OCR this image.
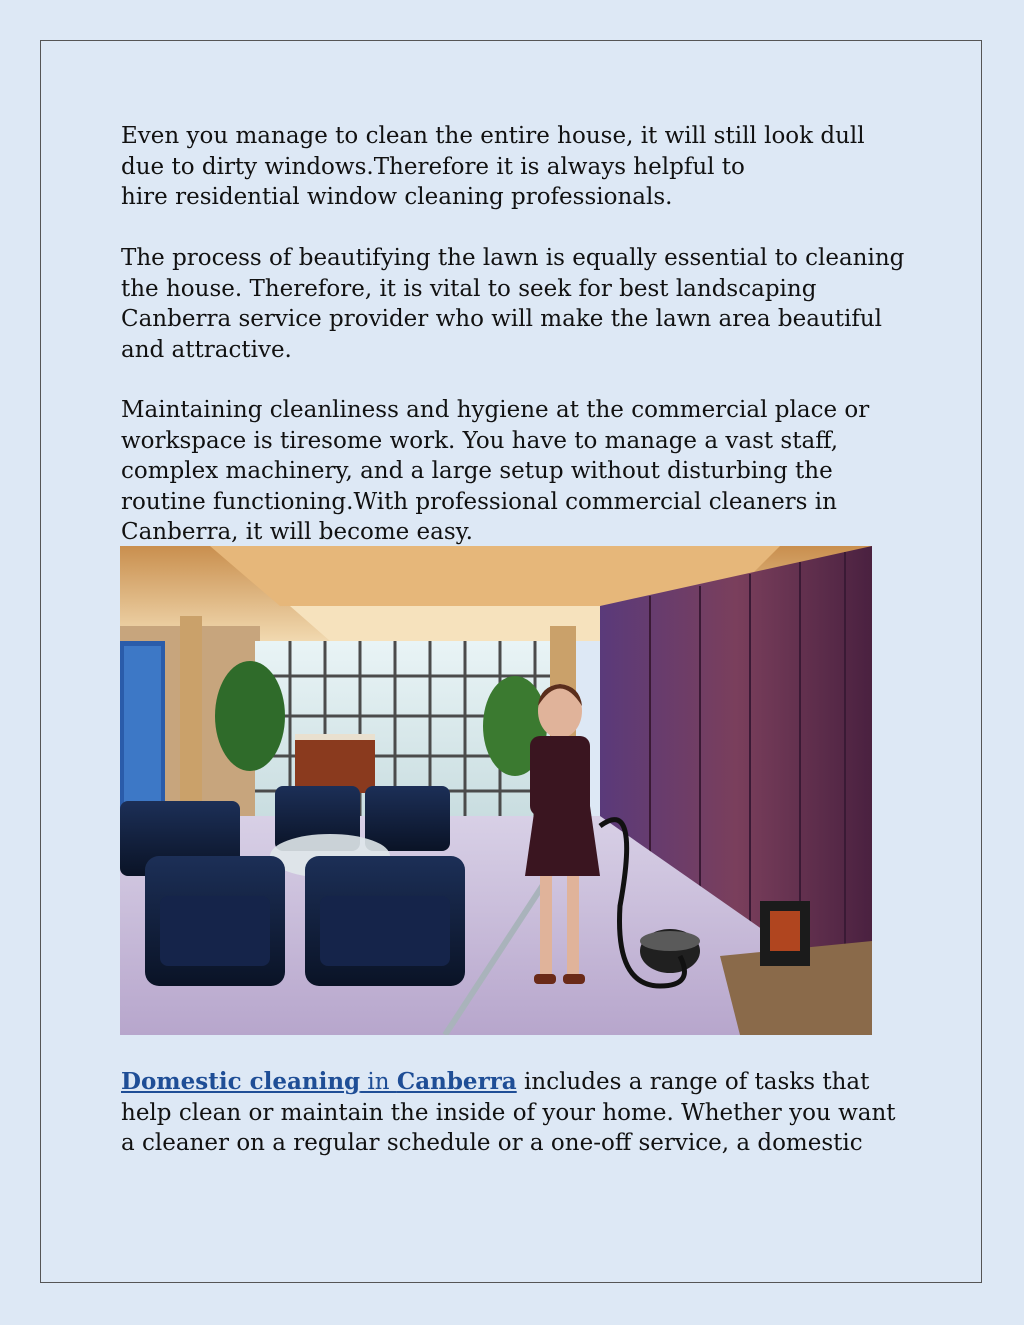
Even you manage to clean the entire house, it will still look dull
due to dirty windows.Therefore it is always helpful to
hire residential window cleaning professionals.

The process of beautifying the lawn is equally essential to cleaning
the house. Therefore, it is vital to seek for best landscaping
Canberra service provider who will make the lawn area beautiful
and attractive.

Maintaining cleanliness and hygiene at the commercial place or
workspace is tiresome work. You have to manage a vast staff,
complex machinery, and a large setup without disturbing the
routine functioning.With professional commercial cleaners in
Canberra, it will become easy.

Domestic cleaning in Canberra includes a range of tasks that
help clean or maintain the inside of your home. Whether you want
a cleaner on a regular schedule or a one-off service, a domestic
